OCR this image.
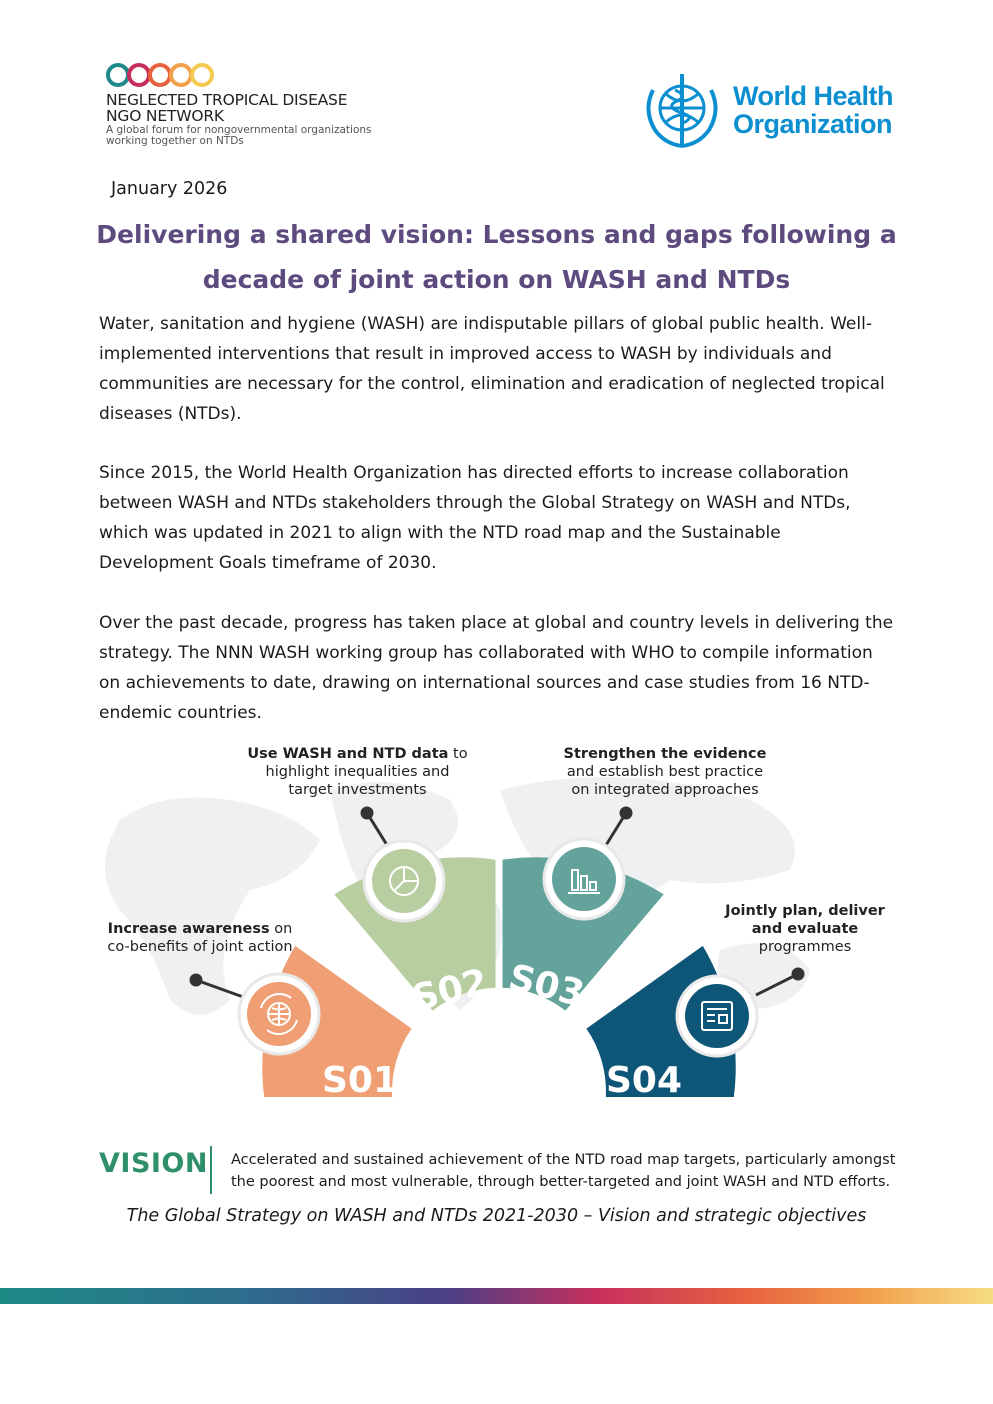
NEGLECTED TROPICAL DISEASE
NGO NETWORK
A global forum for nongovernmental organizations
working together on NTDs
World Health
Organization
January 2026
Delivering a shared vision: Lessons and gaps following a
decade of joint action on WASH and NTDs
Water, sanitation and hygiene (WASH) are indisputable pillars of global public health. Well-
implemented interventions that result in improved access to WASH by individuals and
communities are necessary for the control, elimination and eradication of neglected tropical
diseases (NTDs).
Since 2015, the World Health Organization has directed efforts to increase collaboration
between WASH and NTDs stakeholders through the Global Strategy on WASH and NTDs,
which was updated in 2021 to align with the NTD road map and the Sustainable
Development Goals timeframe of 2030.
Over the past decade, progress has taken place at global and country levels in delivering the
strategy. The NNN WASH working group has collaborated with WHO to compile information
on achievements to date, drawing on international sources and case studies from 16 NTD-
endemic countries.
S01
S02 S03
S04
Increase awareness on
co-benefits of joint action
Use WASH and NTD data to
highlight inequalities and
target investments
Strengthen the evidence
and establish best practice
on integrated approaches
Jointly plan, deliver
and evaluate
programmes
VISION Accelerated and sustained achievement of the NTD road map targets, particularly amongst
the poorest and most vulnerable, through better-targeted and joint WASH and NTD efforts.
The Global Strategy on WASH and NTDs 2021-2030 – Vision and strategic objectives
